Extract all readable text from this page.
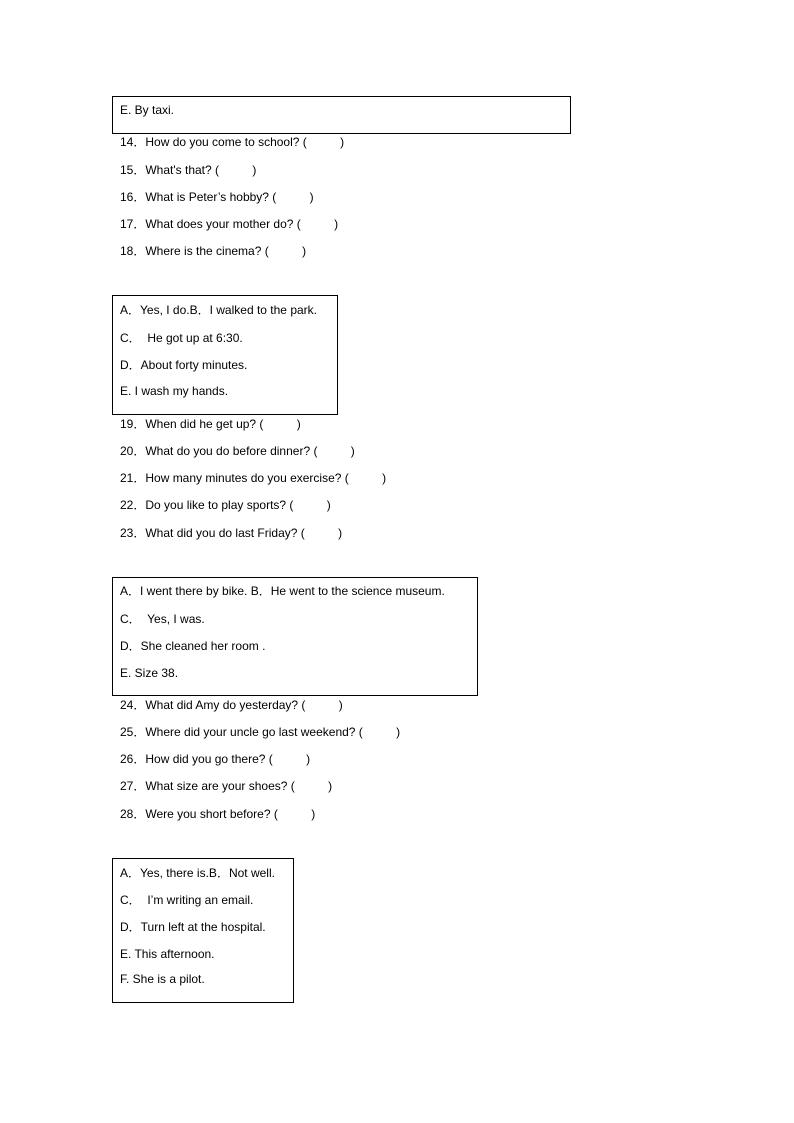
E. By taxi.
14．How do you come to school? (          )
15．What's that? (          )
16．What is Peter’s hobby? (          )
17．What does your mother do? (          )
18．Where is the cinema? (          )
A．Yes, I do.B．I walked to the park.
C．  He got up at 6:30.
D．About forty minutes.
E. I wash my hands.
19．When did he get up? (          )
20．What do you do before dinner? (          )
21．How many minutes do you exercise? (          )
22．Do you like to play sports? (          )
23．What did you do last Friday? (          )
A．I went there by bike. B．He went to the science museum.
C．  Yes, I was.
D．She cleaned her room .
E. Size 38.
24．What did Amy do yesterday? (          )
25．Where did your uncle go last weekend? (          )
26．How did you go there? (          )
27．What size are your shoes? (          )
28．Were you short before? (          )
A．Yes, there is.B．Not well.
C．  I’m writing an email.
D．Turn left at the hospital.
E. This afternoon.
F. She is a pilot.
